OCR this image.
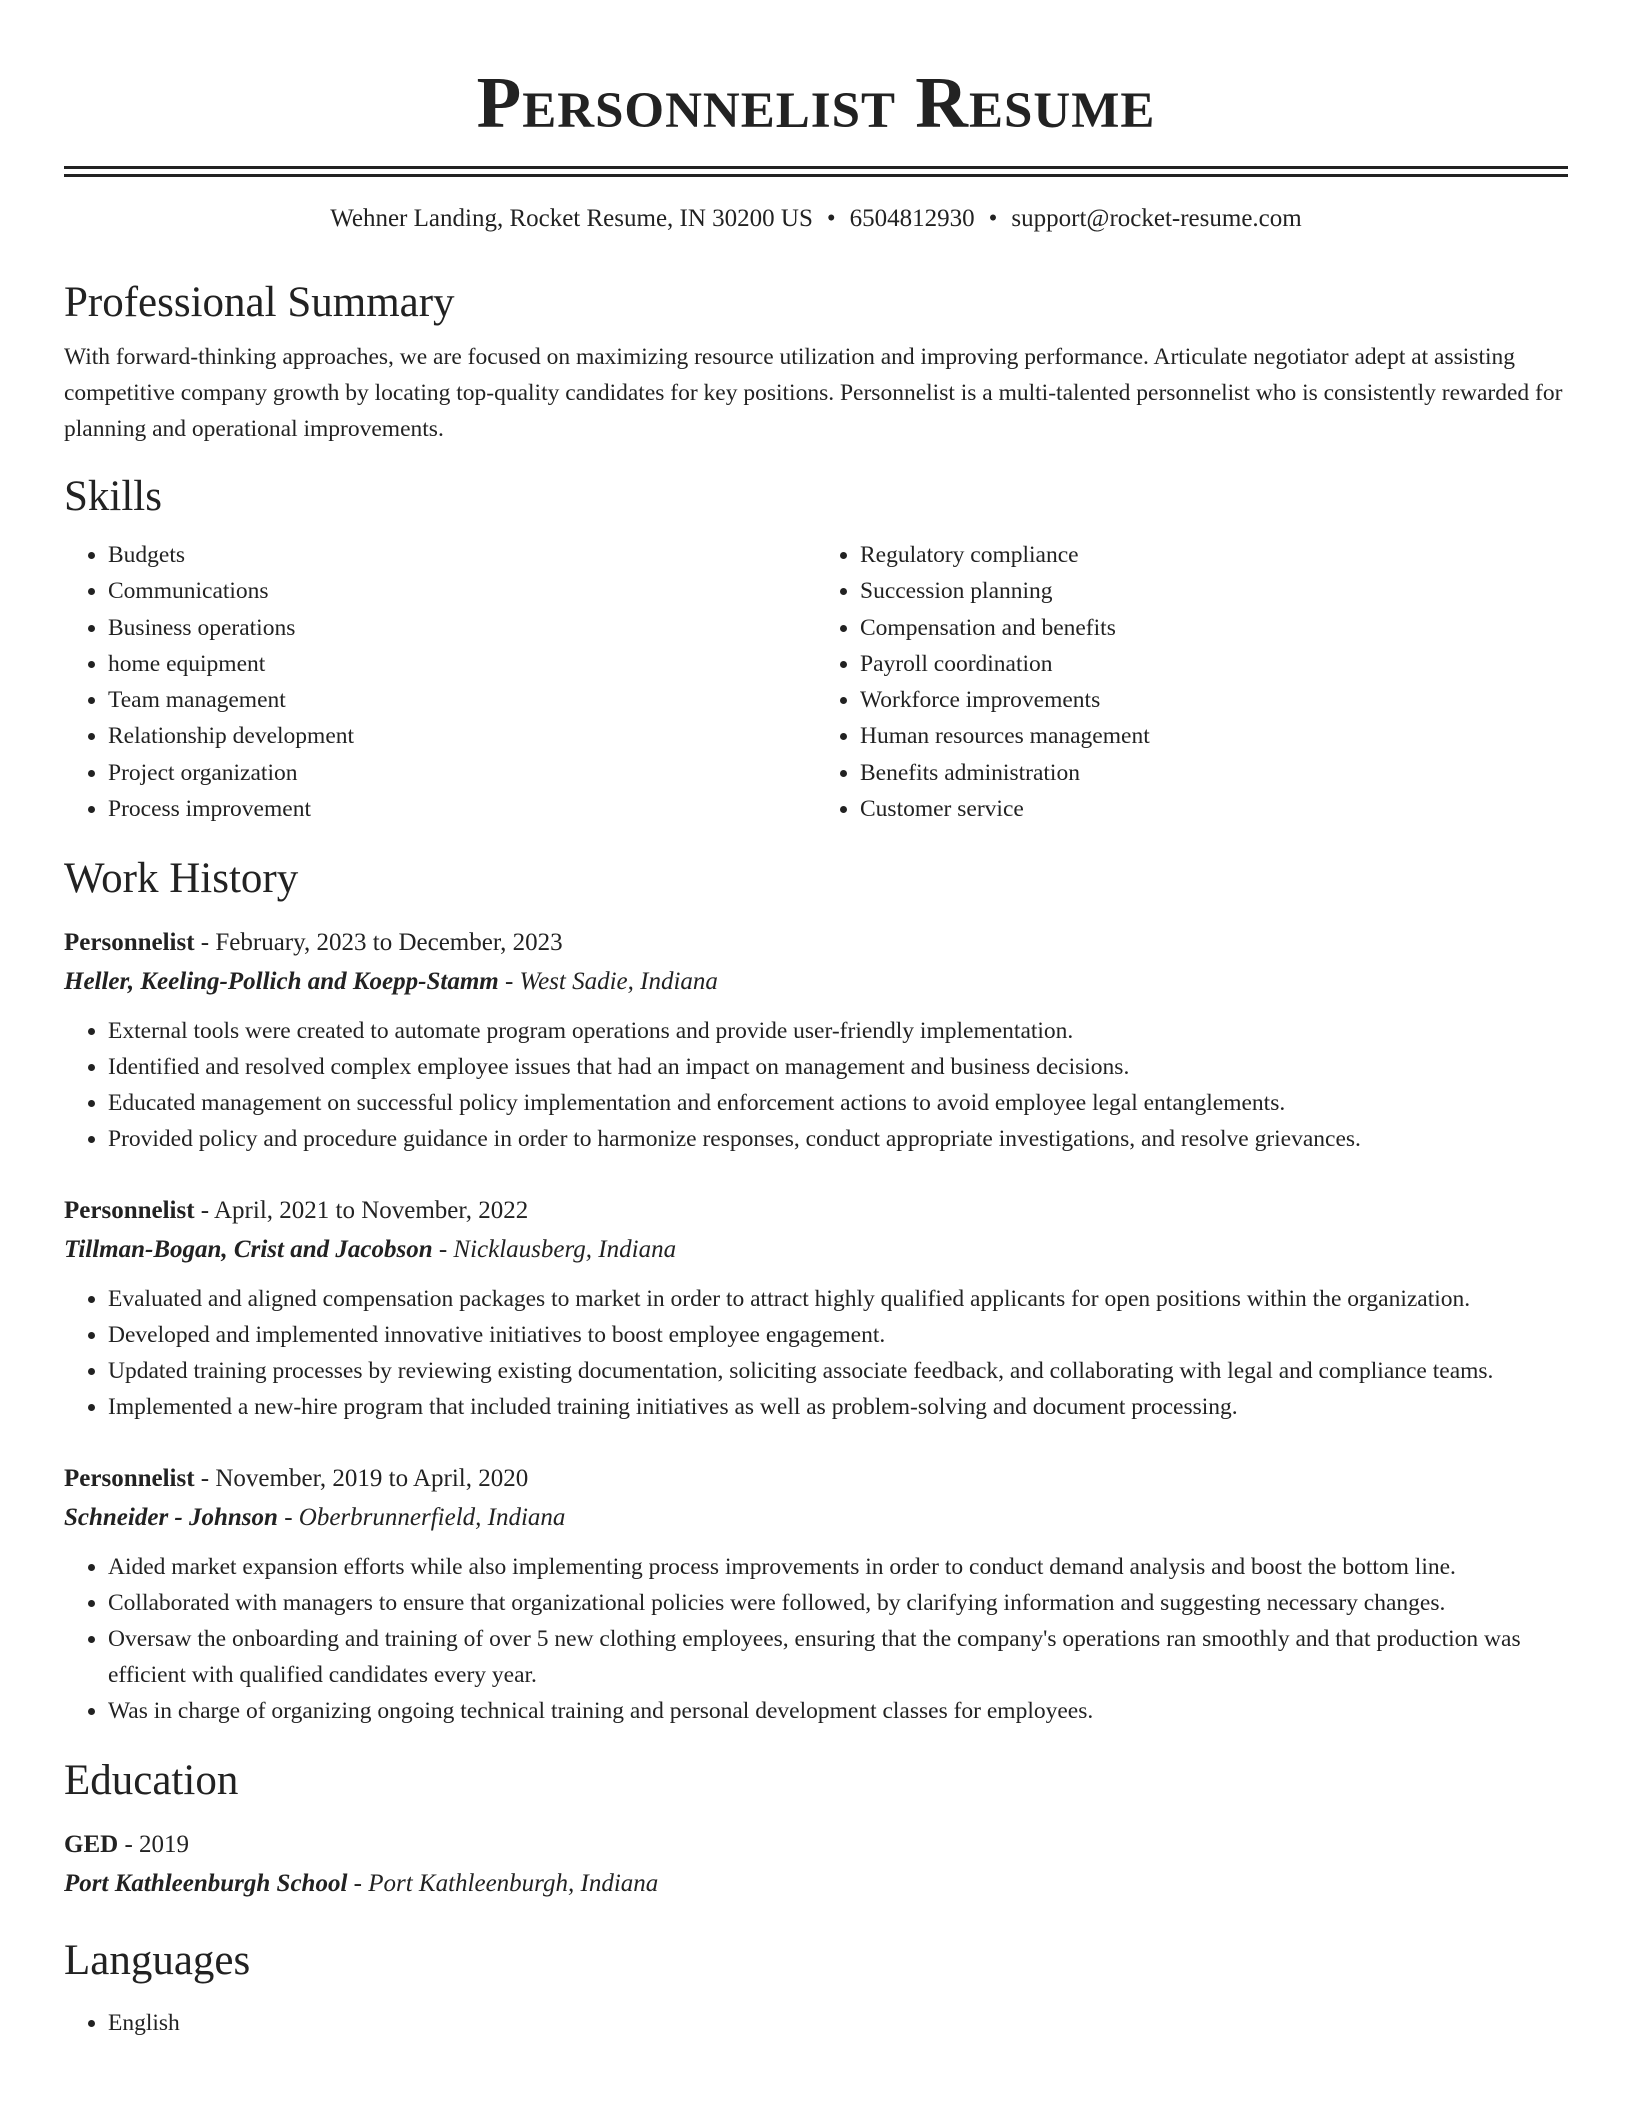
Personnelist Resume
Wehner Landing, Rocket Resume, IN 30200 US • 6504812930 • support@rocket-resume.com
Professional Summary

With forward-thinking approaches, we are focused on maximizing resource utilization and improving performance. Articulate negotiator adept at assisting competitive company growth by locating top-quality candidates for key positions. Personnelist is a multi-talented personnelist who is consistently rewarded for planning and operational improvements.

Skills
• Budgets
• Communications
• Business operations
• home equipment
• Team management
• Relationship development
• Project organization
• Process improvement
• Regulatory compliance
• Succession planning
• Compensation and benefits
• Payroll coordination
• Workforce improvements
• Human resources management
• Benefits administration
• Customer service
Work History
Personnelist - February, 2023 to December, 2023
Heller, Keeling-Pollich and Koepp-Stamm - West Sadie, Indiana
• External tools were created to automate program operations and provide user-friendly implementation.
• Identified and resolved complex employee issues that had an impact on management and business decisions.
• Educated management on successful policy implementation and enforcement actions to avoid employee legal entanglements.
• Provided policy and procedure guidance in order to harmonize responses, conduct appropriate investigations, and resolve grievances.
Personnelist - April, 2021 to November, 2022
Tillman-Bogan, Crist and Jacobson - Nicklausberg, Indiana
• Evaluated and aligned compensation packages to market in order to attract highly qualified applicants for open positions within the organization.
• Developed and implemented innovative initiatives to boost employee engagement.
• Updated training processes by reviewing existing documentation, soliciting associate feedback, and collaborating with legal and compliance teams.
• Implemented a new-hire program that included training initiatives as well as problem-solving and document processing.
Personnelist - November, 2019 to April, 2020
Schneider - Johnson - Oberbrunnerfield, Indiana
• Aided market expansion efforts while also implementing process improvements in order to conduct demand analysis and boost the bottom line.
• Collaborated with managers to ensure that organizational policies were followed, by clarifying information and suggesting necessary changes.
• Oversaw the onboarding and training of over 5 new clothing employees, ensuring that the company's operations ran smoothly and that production was efficient with qualified candidates every year.
• Was in charge of organizing ongoing technical training and personal development classes for employees.
Education
GED - 2019
Port Kathleenburgh School - Port Kathleenburgh, Indiana
Languages
• English
